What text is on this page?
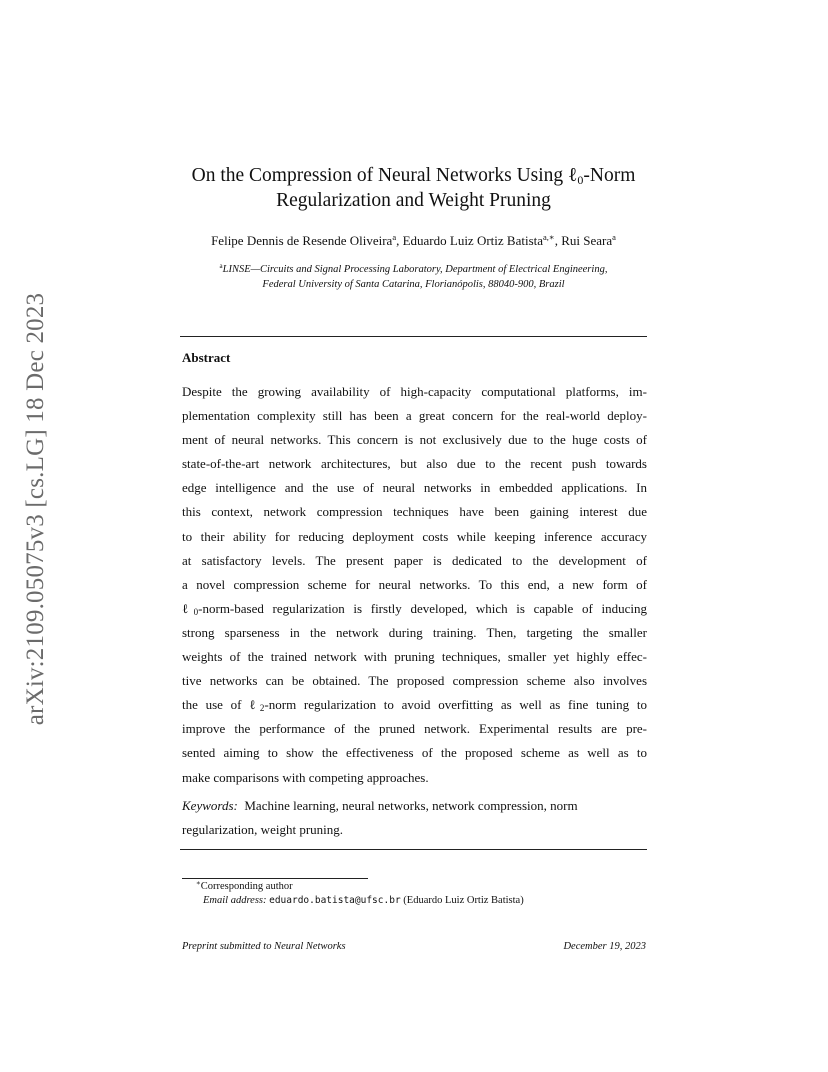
arXiv:2109.05075v3 [cs.LG] 18 Dec 2023
On the Compression of Neural Networks Using ℓ$_0$-Norm
Regularization and Weight Pruning
Felipe Dennis de Resende Oliveira$^a$, Eduardo Luiz Ortiz Batista$^{a,∗}$, Rui Seara$^a$
$^a$LINSE—Circuits and Signal Processing Laboratory, Department of Electrical Engineering,
Federal University of Santa Catarina, Florianópolis, 88040-900, Brazil
Abstract
Despite the growing availability of high-capacity computational platforms, im-
plementation complexity still has been a great concern for the real-world deploy-
ment of neural networks. This concern is not exclusively due to the huge costs of
state-of-the-art network architectures, but also due to the recent push towards
edge intelligence and the use of neural networks in embedded applications. In
this context, network compression techniques have been gaining interest due
to their ability for reducing deployment costs while keeping inference accuracy
at satisfactory levels. The present paper is dedicated to the development of
a novel compression scheme for neural networks. To this end, a new form of
ℓ$_0$-norm-based regularization is firstly developed, which is capable of inducing
strong sparseness in the network during training. Then, targeting the smaller
weights of the trained network with pruning techniques, smaller yet highly effec-
tive networks can be obtained. The proposed compression scheme also involves
the use of ℓ$_2$-norm regularization to avoid overfitting as well as fine tuning to
improve the performance of the pruned network. Experimental results are pre-
sented aiming to show the effectiveness of the proposed scheme as well as to
make comparisons with competing approaches.
Keywords: Machine learning, neural networks, network compression, norm
regularization, weight pruning.
∗Corresponding author
Email address: eduardo.batista@ufsc.br (Eduardo Luiz Ortiz Batista)
Preprint submitted to Neural Networks	December 19, 2023
